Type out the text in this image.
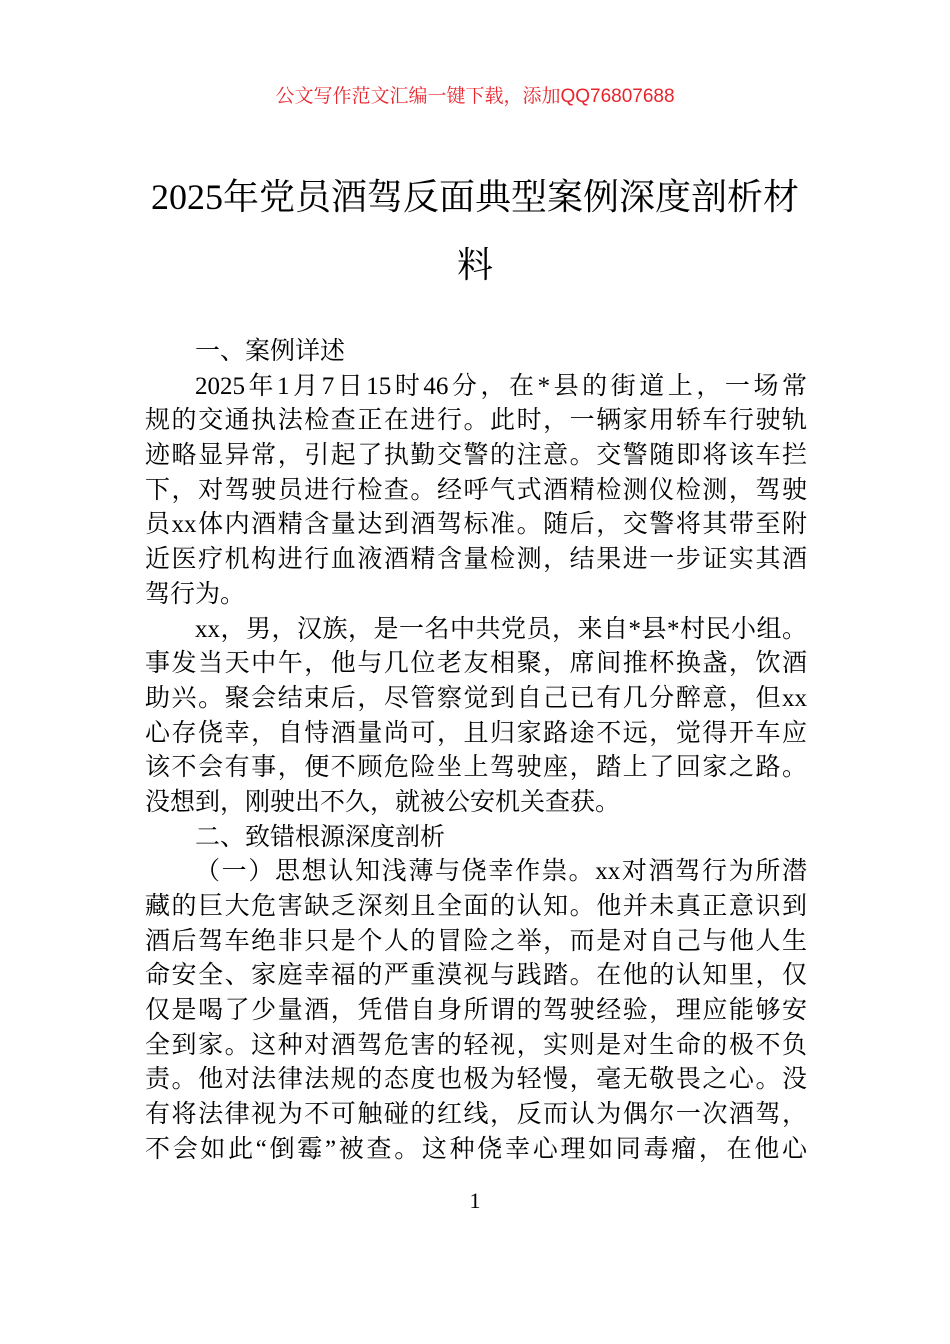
公文写作范文汇编一键下载，添加QQ76807688
2025年党员酒驾反面典型案例深度剖析材
料
一、案例详述
2025年1月7日15时46分，在*县的街道上，一场常
规的交通执法检查正在进行。此时，一辆家用轿车行驶轨
迹略显异常，引起了执勤交警的注意。交警随即将该车拦
下，对驾驶员进行检查。经呼气式酒精检测仪检测，驾驶
员xx体内酒精含量达到酒驾标准。随后，交警将其带至附
近医疗机构进行血液酒精含量检测，结果进一步证实其酒
驾行为。
xx，男，汉族，是一名中共党员，来自*县*村民小组。
事发当天中午，他与几位老友相聚，席间推杯换盏，饮酒
助兴。聚会结束后，尽管察觉到自己已有几分醉意，但xx
心存侥幸，自恃酒量尚可，且归家路途不远，觉得开车应
该不会有事，便不顾危险坐上驾驶座，踏上了回家之路。
没想到，刚驶出不久，就被公安机关查获。
二、致错根源深度剖析
（一）思想认知浅薄与侥幸作祟。xx对酒驾行为所潜
藏的巨大危害缺乏深刻且全面的认知。他并未真正意识到
酒后驾车绝非只是个人的冒险之举，而是对自己与他人生
命安全、家庭幸福的严重漠视与践踏。在他的认知里，仅
仅是喝了少量酒，凭借自身所谓的驾驶经验，理应能够安
全到家。这种对酒驾危害的轻视，实则是对生命的极不负
责。他对法律法规的态度也极为轻慢，毫无敬畏之心。没
有将法律视为不可触碰的红线，反而认为偶尔一次酒驾，
不会如此“倒霉”被查。这种侥幸心理如同毒瘤，在他心
1
